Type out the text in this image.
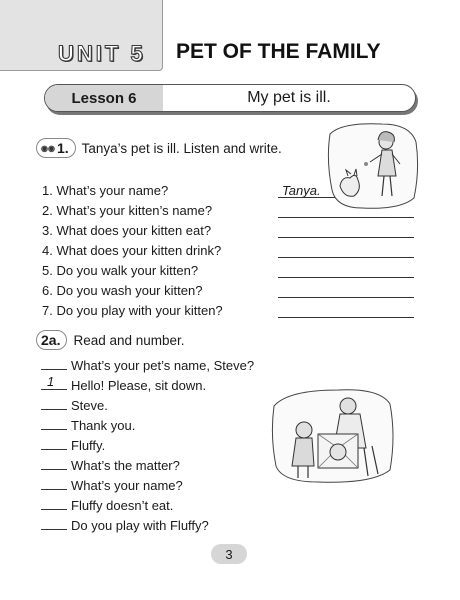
UNIT 5 PET OF THE FAMILY
Lesson 6	My pet is ill.
◉◉ 1. Tanya’s pet is ill. Listen and write.
1. What’s your name?	Tanya.
2. What’s your kitten’s name?
3. What does your kitten eat?
4. What does your kitten drink?
5. Do you walk your kitten?
6. Do you wash your kitten?
7. Do you play with your kitten?
2a. Read and number.
What’s your pet’s name, Steve?
1 Hello! Please, sit down.
Steve.
Thank you.
Fluffy.
What’s the matter?
What’s your name?
Fluffy doesn’t eat.
Do you play with Fluffy?
3
